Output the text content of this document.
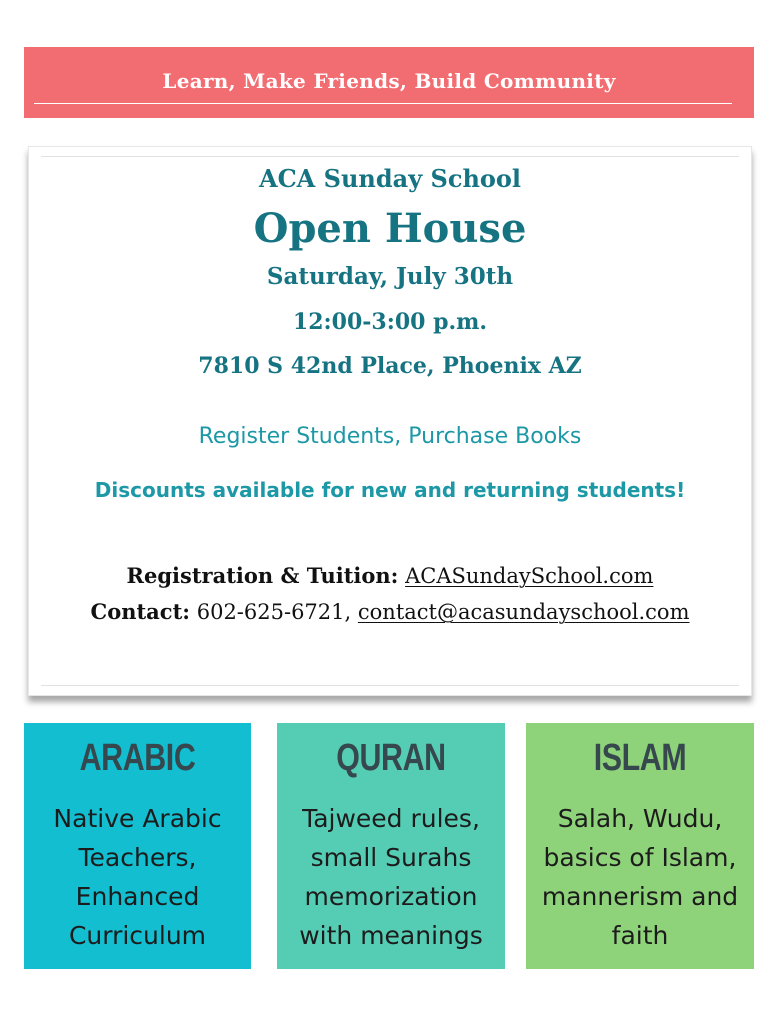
Learn, Make Friends, Build Community
ACA Sunday School
Open House
Saturday, July 30th
12:00-3:00 p.m.
7810 S 42nd Place, Phoenix AZ
Register Students, Purchase Books
Discounts available for new and returning students!
Registration & Tuition: ACASundaySchool.com
Contact: 602-625-6721, contact@acasundayschool.com
ARABIC
Native Arabic
Teachers,
Enhanced
Curriculum
QURAN
Tajweed rules,
small Surahs
memorization
with meanings
ISLAM
Salah, Wudu,
basics of Islam,
mannerism and
faith
